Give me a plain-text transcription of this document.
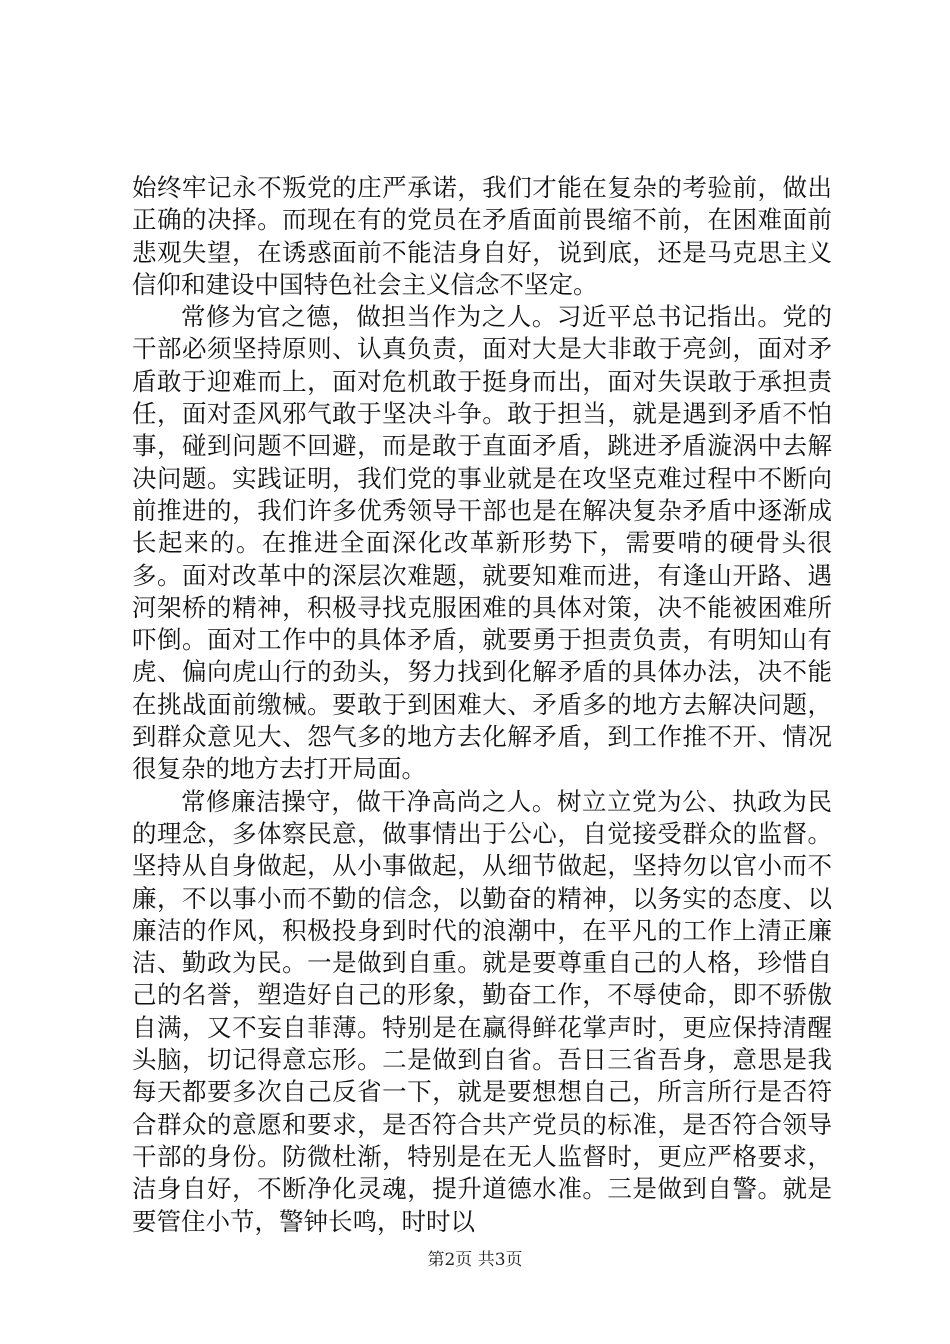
始终牢记永不叛党的庄严承诺，我们才能在复杂的考验前，做出正确的决择。而现在有的党员在矛盾面前畏缩不前，在困难面前悲观失望，在诱惑面前不能洁身自好，说到底，还是马克思主义信仰和建设中国特色社会主义信念不坚定。

常修为官之德，做担当作为之人。习近平总书记指出。党的干部必须坚持原则、认真负责，面对大是大非敢于亮剑，面对矛盾敢于迎难而上，面对危机敢于挺身而出，面对失误敢于承担责任，面对歪风邪气敢于坚决斗争。敢于担当，就是遇到矛盾不怕事，碰到问题不回避，而是敢于直面矛盾，跳进矛盾漩涡中去解决问题。实践证明，我们党的事业就是在攻坚克难过程中不断向前推进的，我们许多优秀领导干部也是在解决复杂矛盾中逐渐成长起来的。在推进全面深化改革新形势下，需要啃的硬骨头很多。面对改革中的深层次难题，就要知难而进，有逢山开路、遇河架桥的精神，积极寻找克服困难的具体对策，决不能被困难所吓倒。面对工作中的具体矛盾，就要勇于担责负责，有明知山有虎、偏向虎山行的劲头，努力找到化解矛盾的具体办法，决不能在挑战面前缴械。要敢于到困难大、矛盾多的地方去解决问题，到群众意见大、怨气多的地方去化解矛盾，到工作推不开、情况很复杂的地方去打开局面。

常修廉洁操守，做干净高尚之人。树立立党为公、执政为民的理念，多体察民意，做事情出于公心，自觉接受群众的监督。坚持从自身做起，从小事做起，从细节做起，坚持勿以官小而不廉，不以事小而不勤的信念，以勤奋的精神，以务实的态度、以廉洁的作风，积极投身到时代的浪潮中，在平凡的工作上清正廉洁、勤政为民。一是做到自重。就是要尊重自己的人格，珍惜自己的名誉，塑造好自己的形象，勤奋工作，不辱使命，即不骄傲自满，又不妄自菲薄。特别是在赢得鲜花掌声时，更应保持清醒头脑，切记得意忘形。二是做到自省。吾日三省吾身，意思是我每天都要多次自己反省一下，就是要想想自己，所言所行是否符合群众的意愿和要求，是否符合共产党员的标准，是否符合领导干部的身份。防微杜渐，特别是在无人监督时，更应严格要求，洁身自好，不断净化灵魂，提升道德水准。三是做到自警。就是要管住小节，警钟长鸣，时时以

第2页 共3页
